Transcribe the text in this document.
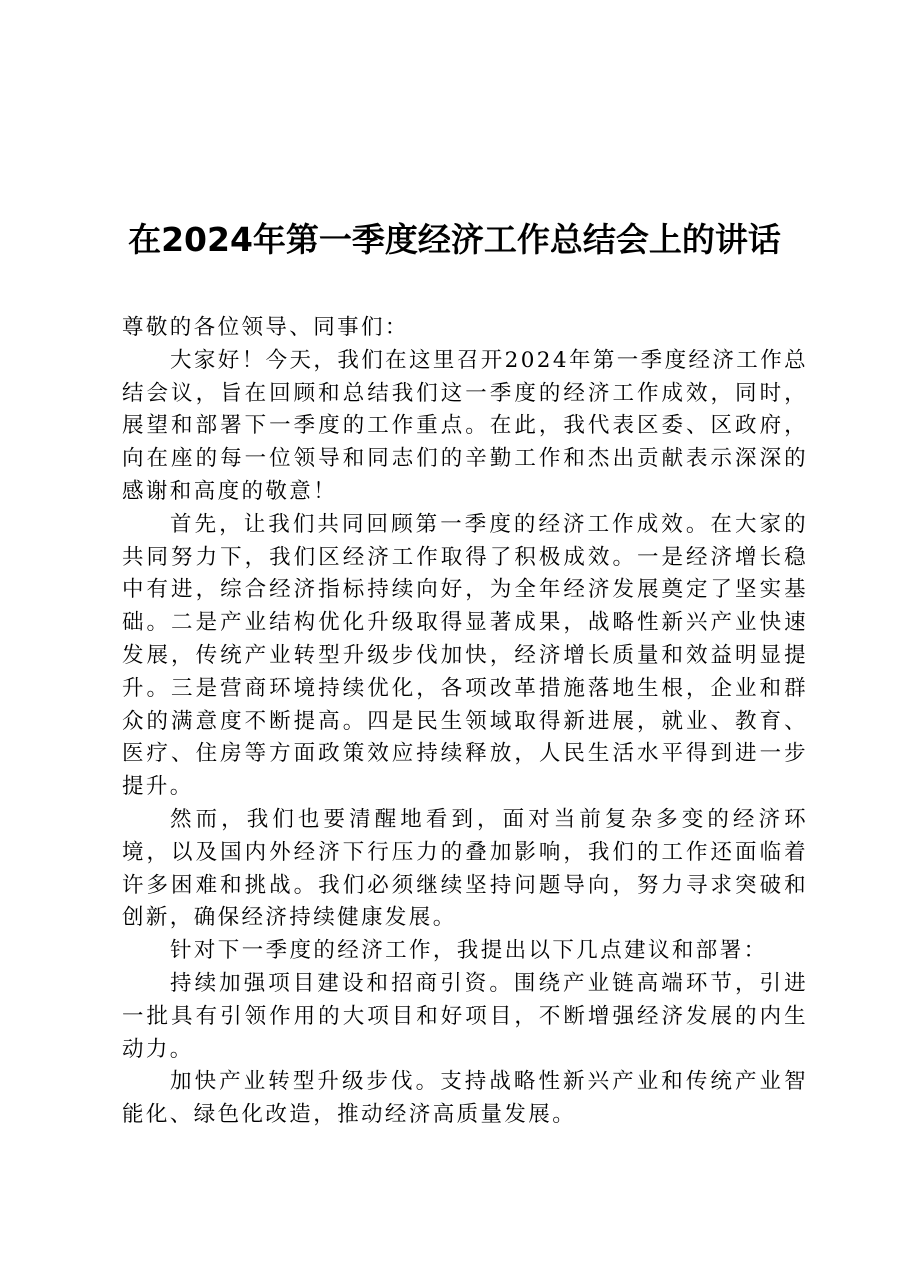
在2024年第一季度经济工作总结会上的讲话

尊敬的各位领导、同事们：

大家好！今天，我们在这里召开2024年第一季度经济工作总结会议，旨在回顾和总结我们这一季度的经济工作成效，同时，展望和部署下一季度的工作重点。在此，我代表区委、区政府，向在座的每一位领导和同志们的辛勤工作和杰出贡献表示深深的感谢和高度的敬意！

首先，让我们共同回顾第一季度的经济工作成效。在大家的共同努力下，我们区经济工作取得了积极成效。一是经济增长稳中有进，综合经济指标持续向好，为全年经济发展奠定了坚实基础。二是产业结构优化升级取得显著成果，战略性新兴产业快速发展，传统产业转型升级步伐加快，经济增长质量和效益明显提升。三是营商环境持续优化，各项改革措施落地生根，企业和群众的满意度不断提高。四是民生领域取得新进展，就业、教育、医疗、住房等方面政策效应持续释放，人民生活水平得到进一步提升。

然而，我们也要清醒地看到，面对当前复杂多变的经济环境，以及国内外经济下行压力的叠加影响，我们的工作还面临着许多困难和挑战。我们必须继续坚持问题导向，努力寻求突破和创新，确保经济持续健康发展。

针对下一季度的经济工作，我提出以下几点建议和部署：

持续加强项目建设和招商引资。围绕产业链高端环节，引进一批具有引领作用的大项目和好项目，不断增强经济发展的内生动力。

加快产业转型升级步伐。支持战略性新兴产业和传统产业智能化、绿色化改造，推动经济高质量发展。
